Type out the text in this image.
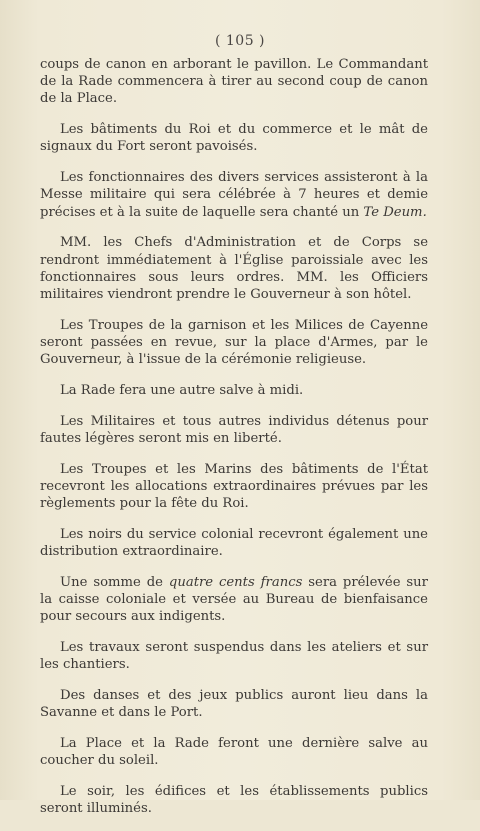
( 105 )

coups de canon en arborant le pavillon. Le Commandant de la Rade commencera à tirer au second coup de canon de la Place.

Les bâtiments du Roi et du commerce et le mât de signaux du Fort seront pavoisés.

Les fonctionnaires des divers services assisteront à la Messe militaire qui sera célébrée à 7 heures et demie précises et à la suite de laquelle sera chanté un Te Deum.

MM. les Chefs d'Administration et de Corps se rendront immédiatement à l'Église paroissiale avec les fonctionnaires sous leurs ordres. MM. les Officiers militaires viendront prendre le Gouverneur à son hôtel.

Les Troupes de la garnison et les Milices de Cayenne seront passées en revue, sur la place d'Armes, par le Gouverneur, à l'issue de la cérémonie religieuse.

La Rade fera une autre salve à midi.

Les Militaires et tous autres individus détenus pour fautes légères seront mis en liberté.

Les Troupes et les Marins des bâtiments de l'État recevront les allocations extraordinaires prévues par les règlements pour la fête du Roi.

Les noirs du service colonial recevront également une distribution extraordinaire.

Une somme de quatre cents francs sera prélevée sur la caisse coloniale et versée au Bureau de bienfaisance pour secours aux indigents.

Les travaux seront suspendus dans les ateliers et sur les chantiers.

Des danses et des jeux publics auront lieu dans la Savanne et dans le Port.

La Place et la Rade feront une dernière salve au coucher du soleil.

Le soir, les édifices et les établissements publics seront illuminés.
